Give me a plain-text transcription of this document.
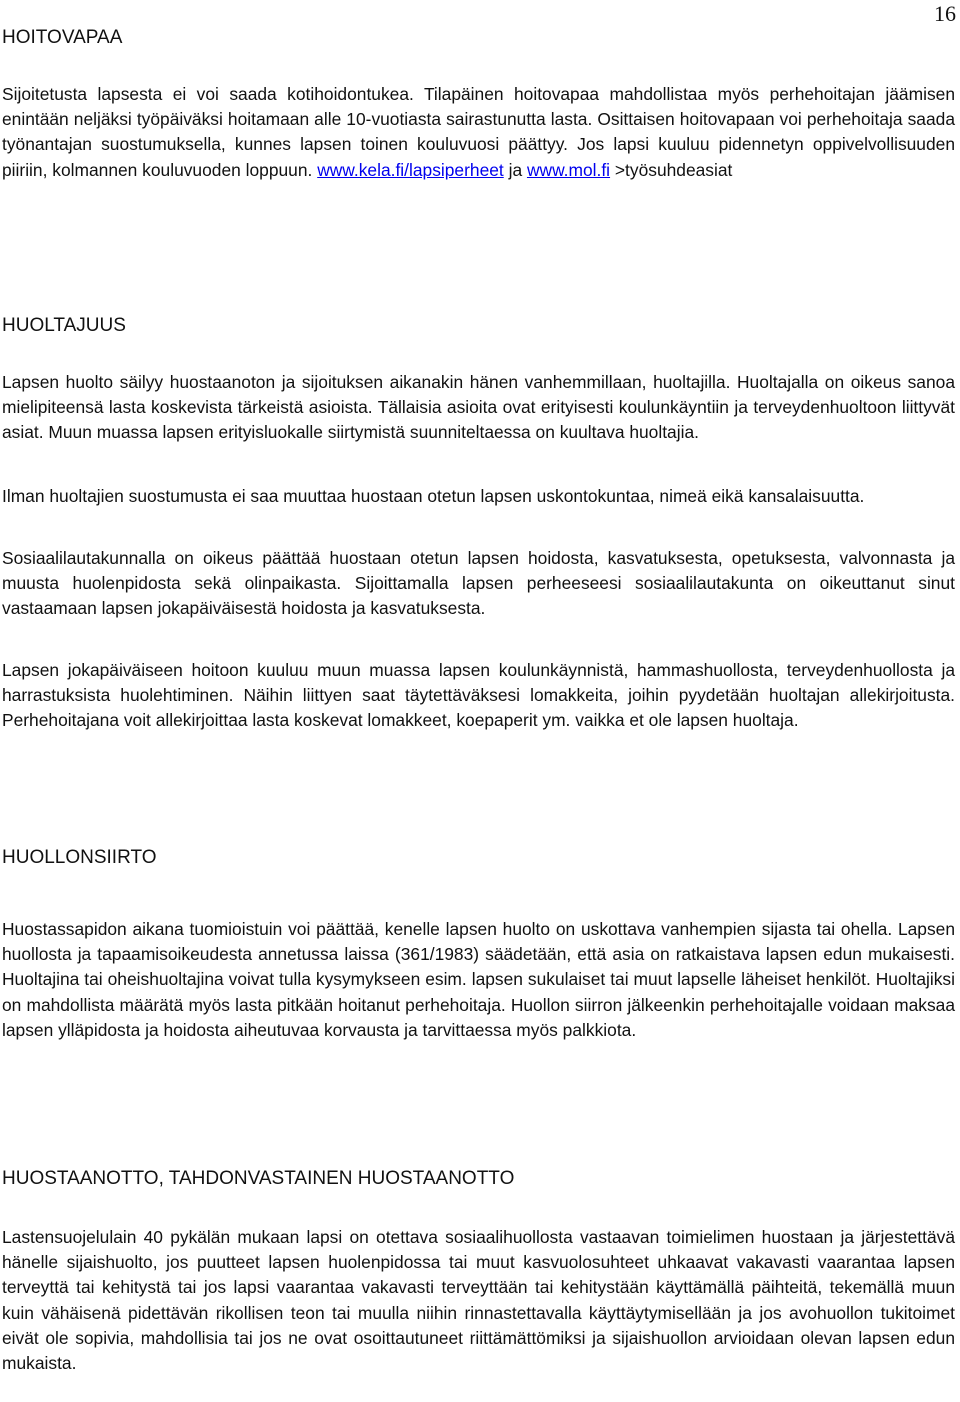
16
HOITOVAPAA

Sijoitetusta lapsesta ei voi saada kotihoidontukea. Tilapäinen hoitovapaa mahdollistaa myös perhehoitajan jäämisen enintään neljäksi työpäiväksi hoitamaan alle 10-vuotiasta sairastunutta lasta. Osittaisen hoitovapaan voi perhehoitaja saada työnantajan suostumuksella, kunnes lapsen toinen kouluvuosi päättyy. Jos lapsi kuuluu pidennetyn oppivelvollisuuden piiriin, kolmannen kouluvuoden loppuun. www.kela.fi/lapsiperheet ja www.mol.fi >työsuhdeasiat

HUOLTAJUUS

Lapsen huolto säilyy huostaanoton ja sijoituksen aikanakin hänen vanhemmillaan, huoltajilla. Huoltajalla on oikeus sanoa mielipiteensä lasta koskevista tärkeistä asioista. Tällaisia asioita ovat erityisesti koulunkäyntiin ja terveydenhuoltoon liittyvät asiat. Muun muassa lapsen erityisluokalle siirtymistä suunniteltaessa on kuultava huoltajia.

Ilman huoltajien suostumusta ei saa muuttaa huostaan otetun lapsen uskontokuntaa, nimeä eikä kansalaisuutta.

Sosiaalilautakunnalla on oikeus päättää huostaan otetun lapsen hoidosta, kasvatuksesta, opetuksesta, valvonnasta ja muusta huolenpidosta sekä olinpaikasta. Sijoittamalla lapsen perheeseesi sosiaalilautakunta on oikeuttanut sinut vastaamaan lapsen jokapäiväisestä hoidosta ja kasvatuksesta.

Lapsen jokapäiväiseen hoitoon kuuluu muun muassa lapsen koulunkäynnistä, hammashuollosta, terveydenhuollosta ja harrastuksista huolehtiminen. Näihin liittyen saat täytettäväksesi lomakkeita, joihin pyydetään huoltajan allekirjoitusta. Perhehoitajana voit allekirjoittaa lasta koskevat lomakkeet, koepaperit ym. vaikka et ole lapsen huoltaja.

HUOLLONSIIRTO

Huostassapidon aikana tuomioistuin voi päättää, kenelle lapsen huolto on uskottava vanhempien sijasta tai ohella. Lapsen huollosta ja tapaamisoikeudesta annetussa laissa (361/1983) säädetään, että asia on ratkaistava lapsen edun mukaisesti. Huoltajina tai oheishuoltajina voivat tulla kysymykseen esim. lapsen sukulaiset tai muut lapselle läheiset henkilöt. Huoltajiksi on mahdollista määrätä myös lasta pitkään hoitanut perhehoitaja. Huollon siirron jälkeenkin perhehoitajalle voidaan maksaa lapsen ylläpidosta ja hoidosta aiheutuvaa korvausta ja tarvittaessa myös palkkiota.

HUOSTAANOTTO, TAHDONVASTAINEN HUOSTAANOTTO

Lastensuojelulain 40 pykälän mukaan lapsi on otettava sosiaalihuollosta vastaavan toimielimen huostaan ja järjestettävä hänelle sijaishuolto, jos puutteet lapsen huolenpidossa tai muut kasvuolosuhteet uhkaavat vakavasti vaarantaa lapsen terveyttä tai kehitystä tai jos lapsi vaarantaa vakavasti terveyttään tai kehitystään käyttämällä päihteitä, tekemällä muun kuin vähäisenä pidettävän rikollisen teon tai muulla niihin rinnastettavalla käyttäytymisellään ja jos avohuollon tukitoimet eivät ole sopivia, mahdollisia tai jos ne ovat osoittautuneet riittämättömiksi ja sijaishuollon arvioidaan olevan lapsen edun mukaista.
